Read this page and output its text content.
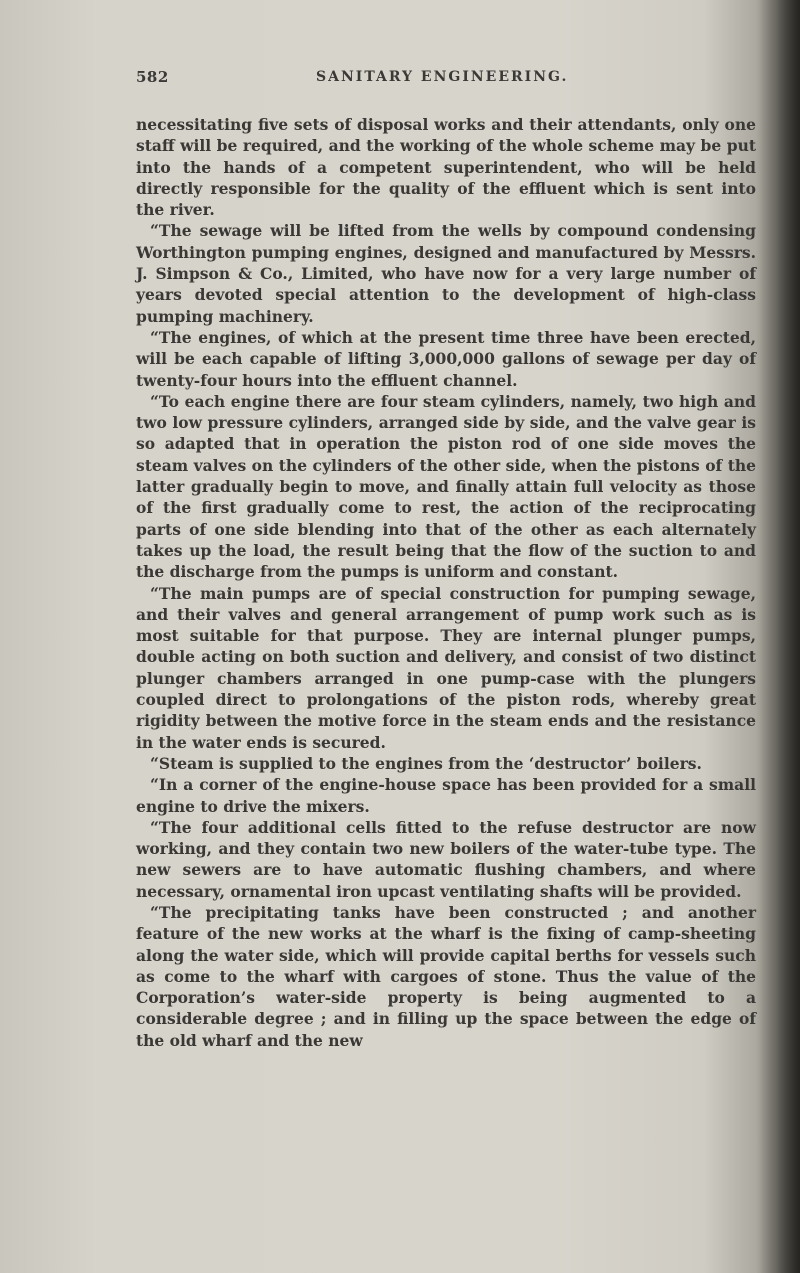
582	SANITARY ENGINEERING.

necessitating five sets of disposal works and their attendants, only one staff will be required, and the working of the whole scheme may be put into the hands of a competent superintendent, who will be held directly responsible for the quality of the effluent which is sent into the river.

“The sewage will be lifted from the wells by compound condensing Worthington pumping engines, designed and manufactured by Messrs. J. Simpson & Co., Limited, who have now for a very large number of years devoted special attention to the development of high-class pumping machinery.

“The engines, of which at the present time three have been erected, will be each capable of lifting 3,000,000 gallons of sewage per day of twenty-four hours into the effluent channel.

“To each engine there are four steam cylinders, namely, two high and two low pressure cylinders, arranged side by side, and the valve gear is so adapted that in operation the piston rod of one side moves the steam valves on the cylinders of the other side, when the pistons of the latter gradually begin to move, and finally attain full velocity as those of the first gradually come to rest, the action of the reciprocating parts of one side blending into that of the other as each alternately takes up the load, the result being that the flow of the suction to and the discharge from the pumps is uniform and constant.

“The main pumps are of special construction for pumping sewage, and their valves and general arrangement of pump work such as is most suitable for that purpose. They are internal plunger pumps, double acting on both suction and delivery, and consist of two distinct plunger chambers arranged in one pump-case with the plungers coupled direct to prolongations of the piston rods, whereby great rigidity between the motive force in the steam ends and the resistance in the water ends is secured.

“Steam is supplied to the engines from the ‘destructor’ boilers.

“In a corner of the engine-house space has been provided for a small engine to drive the mixers.

“The four additional cells fitted to the refuse destructor are now working, and they contain two new boilers of the water-tube type. The new sewers are to have automatic flushing chambers, and where necessary, ornamental iron upcast ventilating shafts will be provided.

“The precipitating tanks have been constructed ; and another feature of the new works at the wharf is the fixing of camp-sheeting along the water side, which will provide capital berths for vessels such as come to the wharf with cargoes of stone. Thus the value of the Corporation’s water-side property is being augmented to a considerable degree ; and in filling up the space between the edge of the old wharf and the new
